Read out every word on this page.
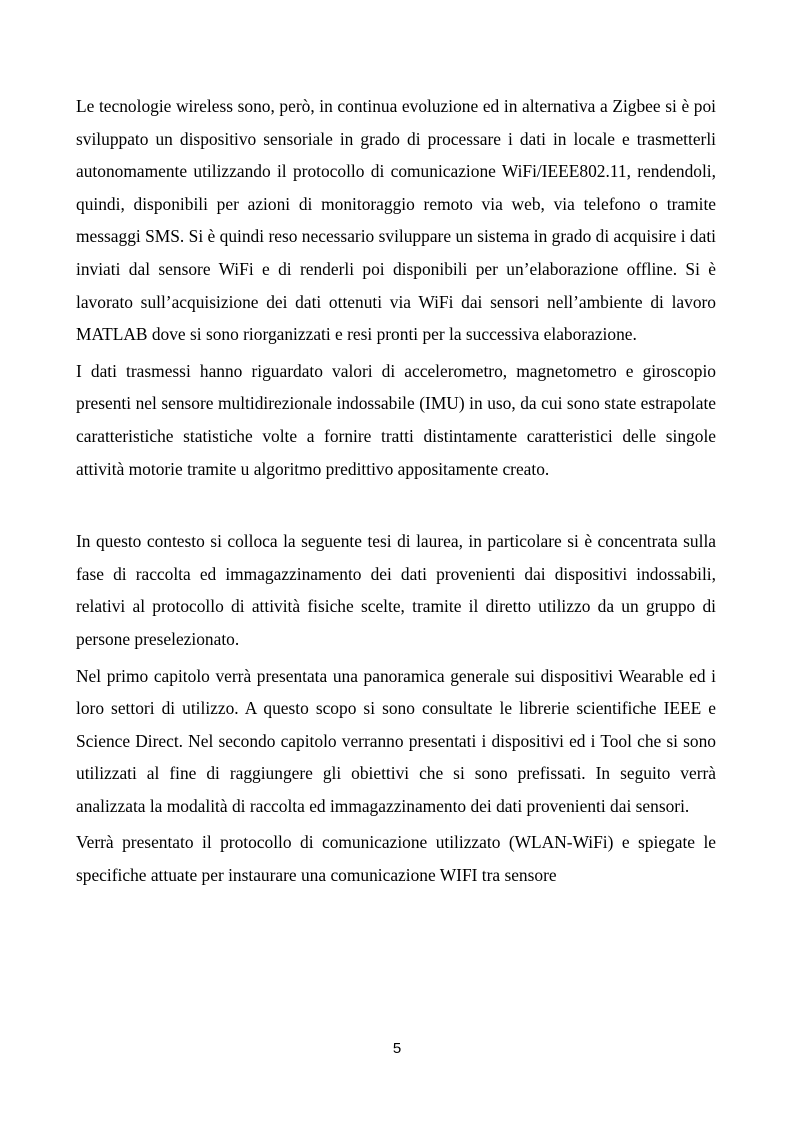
Le tecnologie wireless sono, però, in continua evoluzione ed in alternativa a Zigbee si è poi sviluppato un dispositivo sensoriale in grado di processare i dati in locale e trasmetterli autonomamente utilizzando il protocollo di comunicazione WiFi/IEEE802.11, rendendoli, quindi, disponibili per azioni di monitoraggio remoto via web, via telefono o tramite messaggi SMS. Si è quindi reso necessario sviluppare un sistema in grado di acquisire i dati inviati dal sensore WiFi e di renderli poi disponibili per un’elaborazione offline. Si è lavorato sull’acquisizione dei dati ottenuti via WiFi dai sensori nell’ambiente di lavoro MATLAB dove si sono riorganizzati e resi pronti per la successiva elaborazione.

I dati trasmessi hanno riguardato valori di accelerometro, magnetometro e giroscopio presenti nel sensore multidirezionale indossabile (IMU) in uso, da cui sono state estrapolate caratteristiche statistiche volte a fornire tratti distintamente caratteristici delle singole attività motorie tramite u algoritmo predittivo appositamente creato.

In questo contesto si colloca la seguente tesi di laurea, in particolare si è concentrata sulla fase di raccolta ed immagazzinamento dei dati provenienti dai dispositivi indossabili, relativi al protocollo di attività fisiche scelte, tramite il diretto utilizzo da un gruppo di persone preselezionato.

Nel primo capitolo verrà presentata una panoramica generale sui dispositivi Wearable ed i loro settori di utilizzo. A questo scopo si sono consultate le librerie scientifiche IEEE e Science Direct. Nel secondo capitolo verranno presentati i dispositivi ed i Tool che si sono utilizzati al fine di raggiungere gli obiettivi che si sono prefissati. In seguito verrà analizzata la modalità di raccolta ed immagazzinamento dei dati provenienti dai sensori.

Verrà presentato il protocollo di comunicazione utilizzato (WLAN-WiFi) e spiegate le specifiche attuate per instaurare una comunicazione WIFI tra sensore

5
